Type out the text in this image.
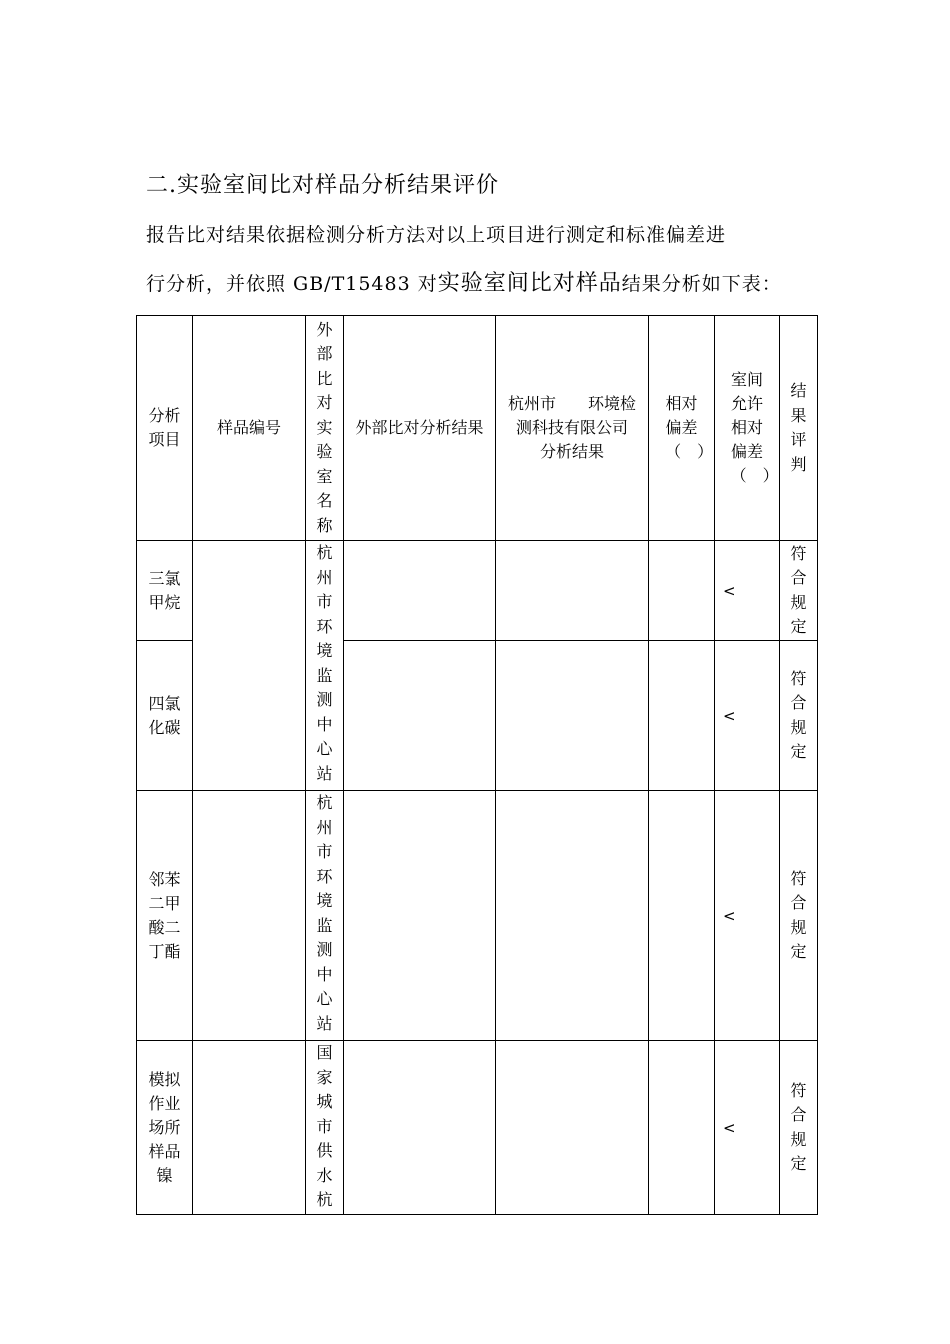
二.实验室间比对样品分析结果评价
报告比对结果依据检测分析方法对以上项目进行测定和标准偏差进
行分析，并依照 GB/T15483 对实验室间比对样品结果分析如下表：
分析项目	样品编号	外部比对实验室名称	外部比对分析结果	杭州市　　环境检测科技有限公司　分析结果	相对偏差（　）	室间允许相对偏差（　）	结果评判
三氯甲烷		杭州市环境监测中心站				<	符合规定
四氯化碳						<	符合规定
邻苯二甲酸二丁酯		杭州市环境监测中心站				<	符合规定
模拟作业场所样品镍		国家城市供水杭				<	符合规定
